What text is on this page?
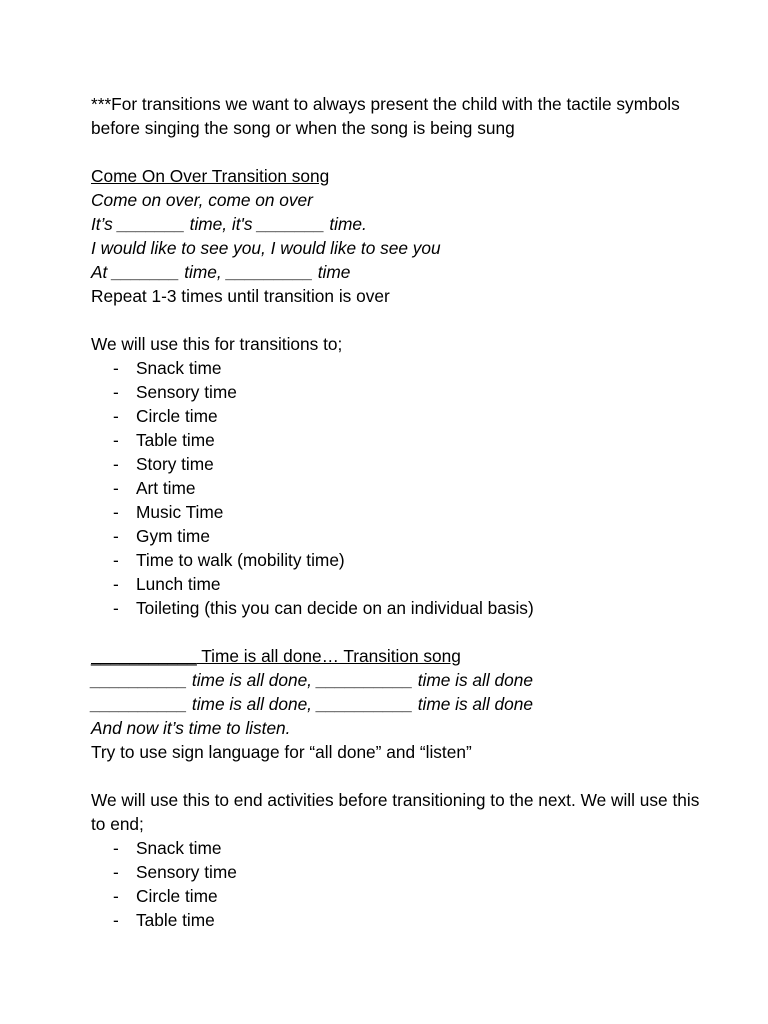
***For transitions we want to always present the child with the tactile symbols before singing the song or when the song is being sung
Come On Over Transition song
Come on over, come on over
It’s _______ time, it's _______ time.
I would like to see you, I would like to see you
At _______ time, _________ time
Repeat 1-3 times until transition is over
We will use this for transitions to;
- Snack time
- Sensory time
- Circle time
- Table time
- Story time
- Art time
- Music Time
- Gym time
- Time to walk (mobility time)
- Lunch time
- Toileting (this you can decide on an individual basis)
___________ Time is all done… Transition song
__________ time is all done, __________ time is all done
__________ time is all done, __________ time is all done
And now it’s time to listen.
Try to use sign language for “all done” and “listen”
We will use this to end activities before transitioning to the next. We will use this to end;
- Snack time
- Sensory time
- Circle time
- Table time
